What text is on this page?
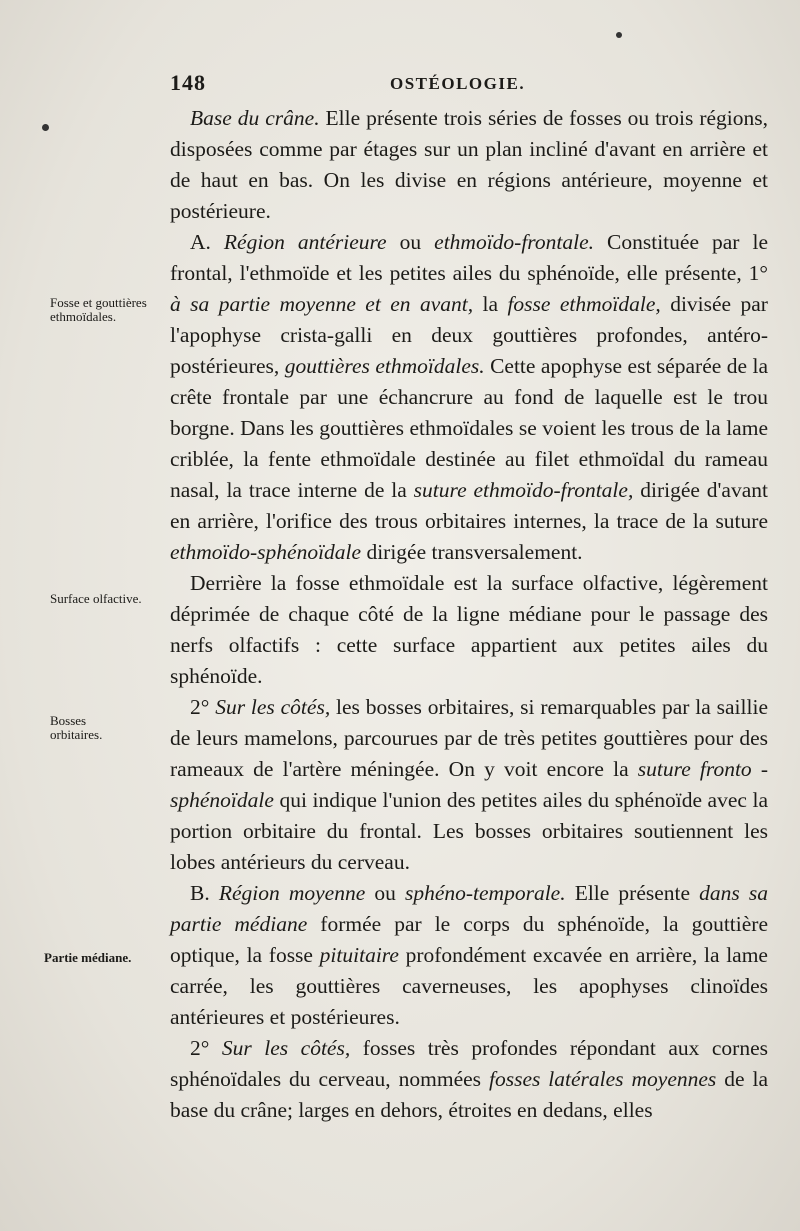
148	OSTÉOLOGIE.
Fosse et gouttières ethmoïdales.
Surface olfactive.
Bosses orbitaires.
Partie médiane.

Base du crâne. Elle présente trois séries de fosses ou trois régions, disposées comme par étages sur un plan incliné d'avant en arrière et de haut en bas. On les divise en régions antérieure, moyenne et postérieure.

A. Région antérieure ou ethmoïdo-frontale. Constituée par le frontal, l'ethmoïde et les petites ailes du sphénoïde, elle présente, 1° à sa partie moyenne et en avant, la fosse ethmoïdale, divisée par l'apophyse crista-galli en deux gouttières profondes, antéro-postérieures, gouttières ethmoïdales. Cette apophyse est séparée de la crête frontale par une échancrure au fond de laquelle est le trou borgne. Dans les gouttières ethmoïdales se voient les trous de la lame criblée, la fente ethmoïdale destinée au filet ethmoïdal du rameau nasal, la trace interne de la suture ethmoïdo-frontale, dirigée d'avant en arrière, l'orifice des trous orbitaires internes, la trace de la suture ethmoïdo-sphénoïdale dirigée transversalement.

Derrière la fosse ethmoïdale est la surface olfactive, légèrement déprimée de chaque côté de la ligne médiane pour le passage des nerfs olfactifs : cette surface appartient aux petites ailes du sphénoïde.

2° Sur les côtés, les bosses orbitaires, si remarquables par la saillie de leurs mamelons, parcourues par de très petites gouttières pour des rameaux de l'artère méningée. On y voit encore la suture fronto - sphénoïdale qui indique l'union des petites ailes du sphénoïde avec la portion orbitaire du frontal. Les bosses orbitaires soutiennent les lobes antérieurs du cerveau.

B. Région moyenne ou sphéno-temporale. Elle présente dans sa partie médiane formée par le corps du sphénoïde, la gouttière optique, la fosse pituitaire profondément excavée en arrière, la lame carrée, les gouttières caverneuses, les apophyses clinoïdes antérieures et postérieures.

2° Sur les côtés, fosses très profondes répondant aux cornes sphénoïdales du cerveau, nommées fosses latérales moyennes de la base du crâne; larges en dehors, étroites en dedans, elles
